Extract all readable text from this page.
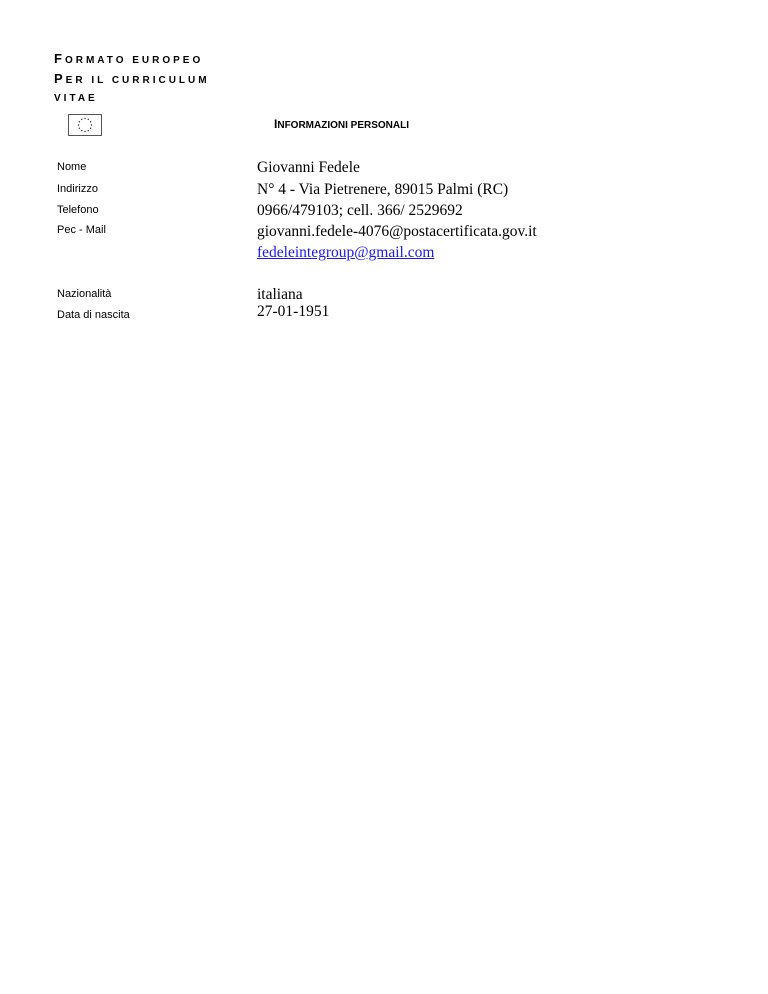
FORMATO EUROPEO
PER IL CURRICULUM
VITAE
INFORMAZIONI PERSONALI
Nome
Indirizzo
Telefono
Pec - Mail
Nazionalità
Data di nascita
Giovanni Fedele
N° 4 - Via Pietrenere, 89015 Palmi (RC)
0966/479103; cell. 366/ 2529692
giovanni.fedele-4076@postacertificata.gov.it
fedeleintegroup@gmail.com
italiana
27-01-1951
